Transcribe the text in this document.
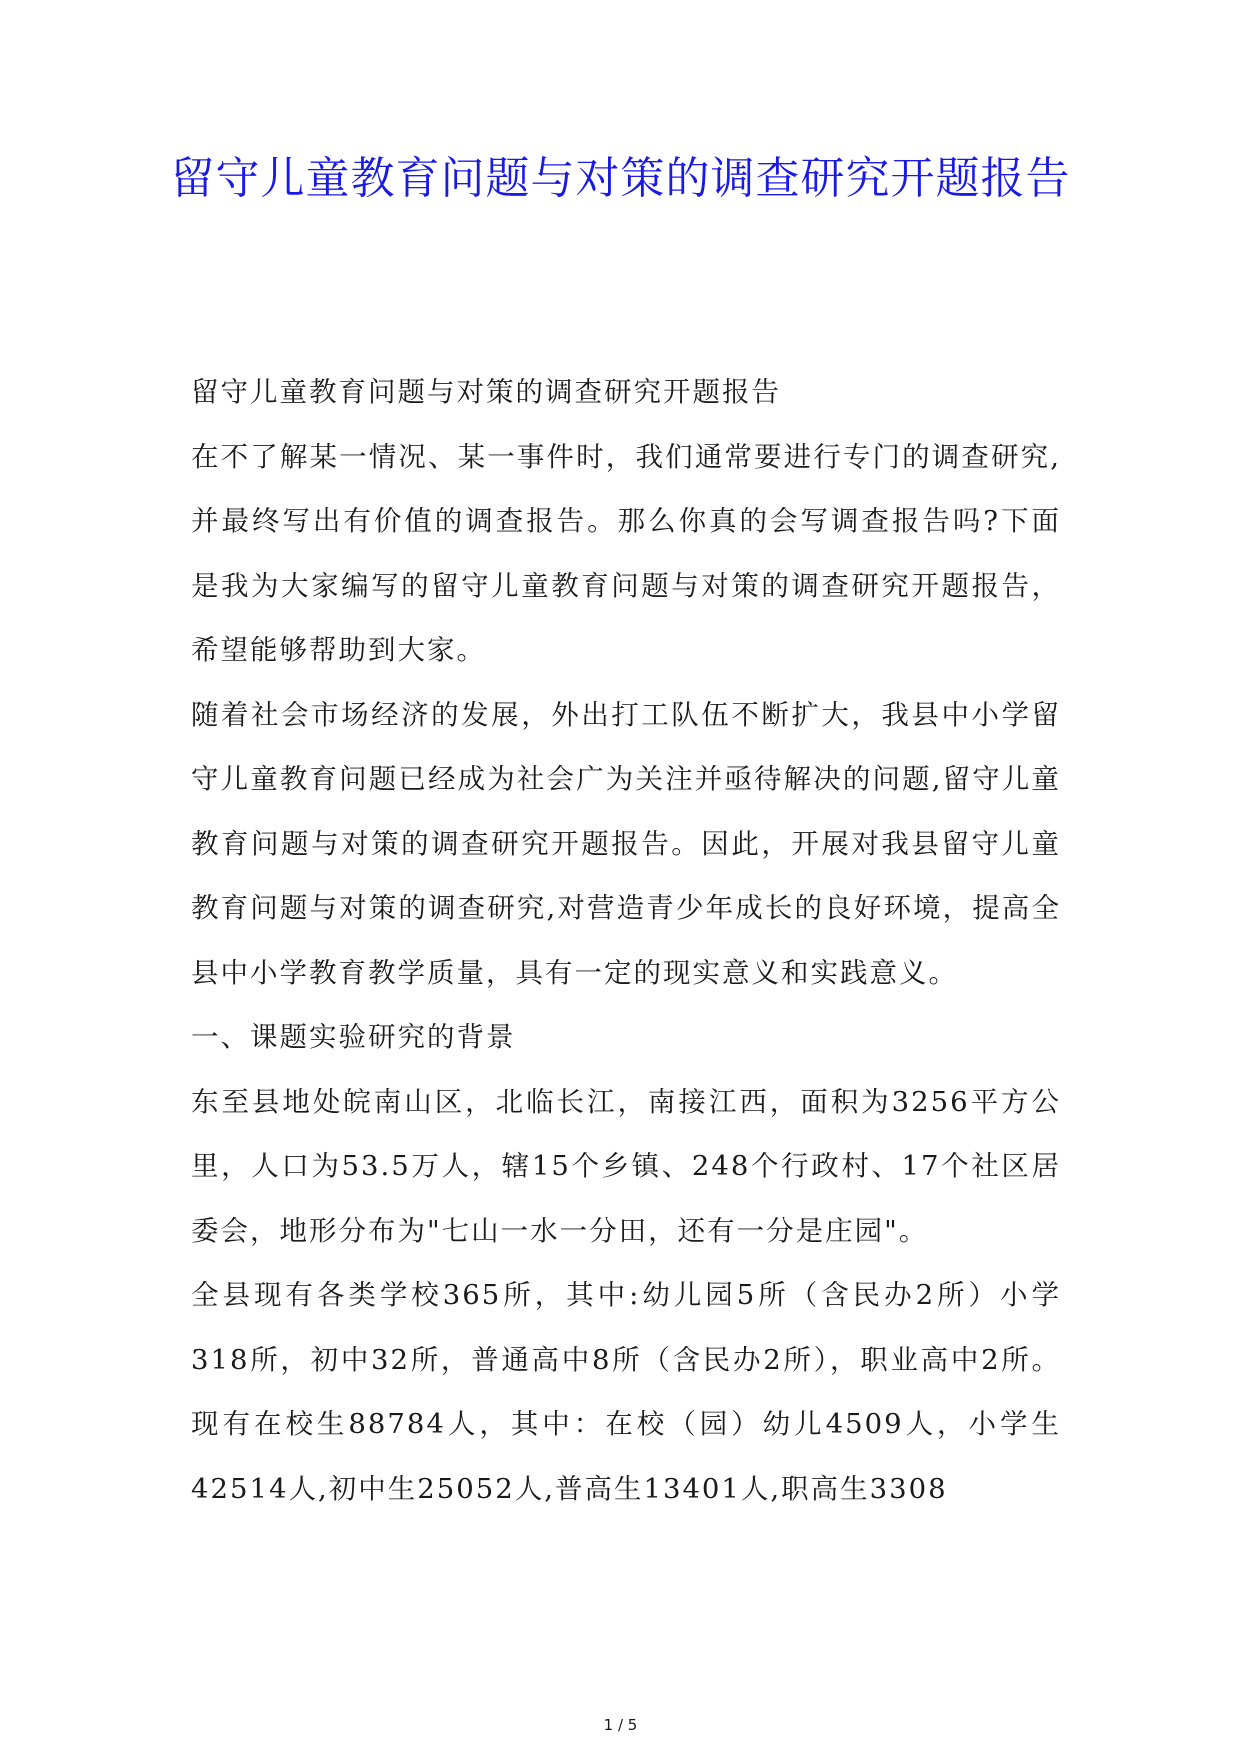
留守儿童教育问题与对策的调查研究开题报告

留守儿童教育问题与对策的调查研究开题报告

在不了解某一情况、某一事件时，我们通常要进行专门的调查研究,并最终写出有价值的调查报告。那么你真的会写调查报告吗?下面是我为大家编写的留守儿童教育问题与对策的调查研究开题报告，希望能够帮助到大家。

随着社会市场经济的发展，外出打工队伍不断扩大，我县中小学留守儿童教育问题已经成为社会广为关注并亟待解决的问题,留守儿童教育问题与对策的调查研究开题报告。因此，开展对我县留守儿童教育问题与对策的调查研究,对营造青少年成长的良好环境，提高全县中小学教育教学质量，具有一定的现实意义和实践意义。

一、课题实验研究的背景

东至县地处皖南山区，北临长江，南接江西，面积为3256平方公里，人口为53.5万人，辖15个乡镇、248个行政村、17个社区居委会，地形分布为"七山一水一分田，还有一分是庄园"。

全县现有各类学校365所，其中:幼儿园5所（含民办2所）小学318所，初中32所，普通高中8所（含民办2所），职业高中2所。现有在校生88784人，其中：在校（园）幼儿4509人，小学生42514人,初中生25052人,普高生13401人,职高生3308

1 / 5
